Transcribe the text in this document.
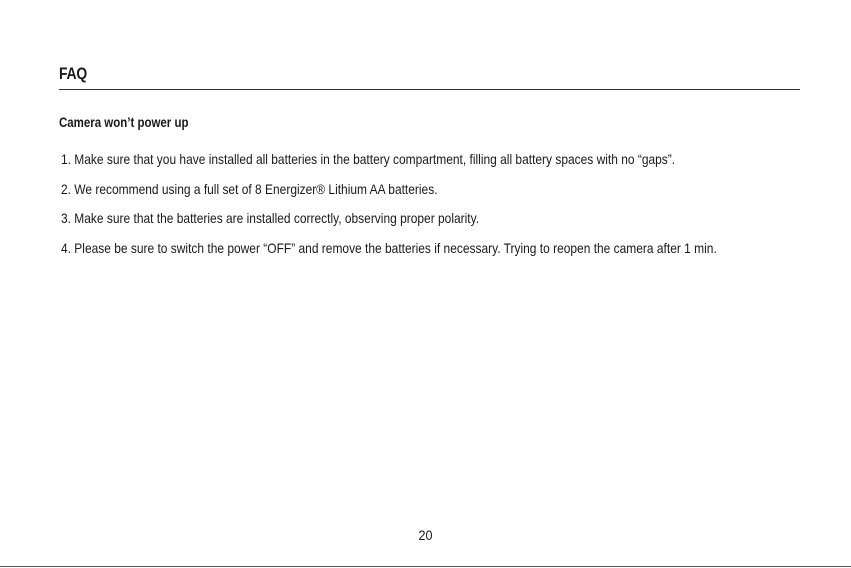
FAQ
Camera won’t power up
1. Make sure that you have installed all batteries in the battery compartment, filling all battery spaces with no “gaps”.
2. We recommend using a full set of 8 Energizer® Lithium AA batteries.
3. Make sure that the batteries are installed correctly, observing proper polarity.
4. Please be sure to switch the power “OFF” and remove the batteries if necessary. Trying to reopen the camera after 1 min.
20
